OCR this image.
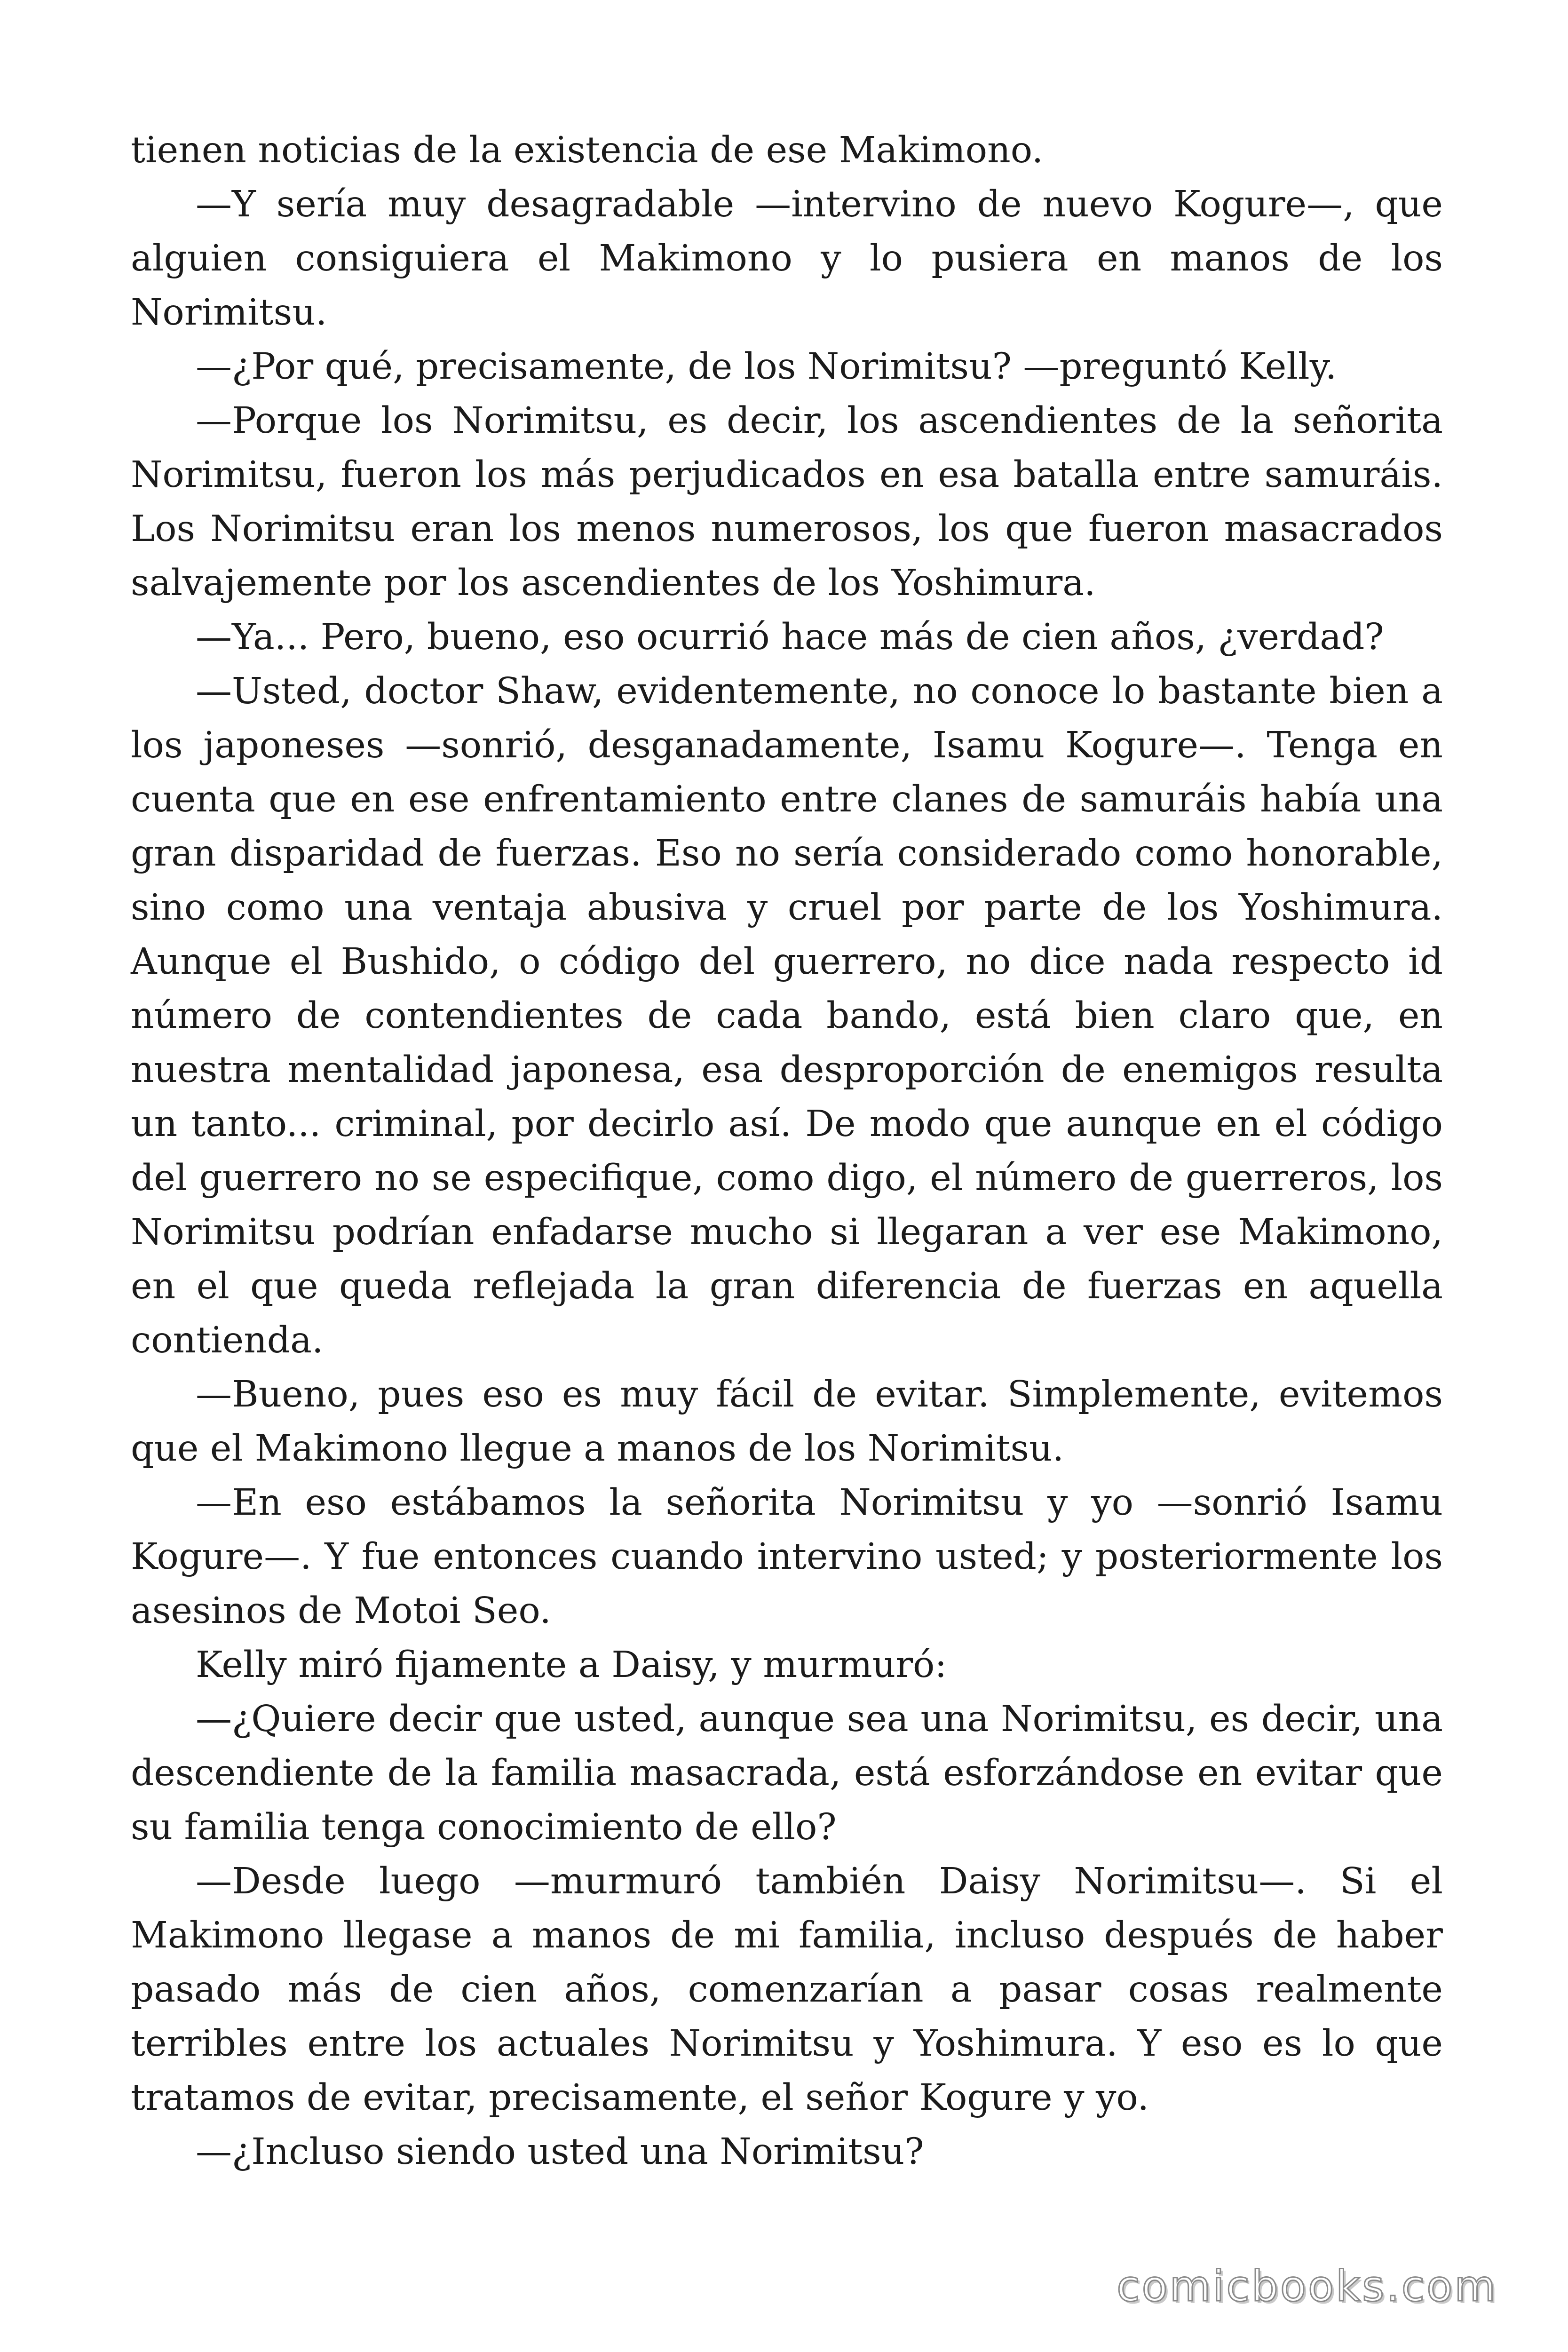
tienen noticias de la existencia de ese Makimono.

—Y sería muy desagradable —intervino de nuevo Kogure—, que alguien consiguiera el Makimono y lo pusiera en manos de los Norimitsu.

—¿Por qué, precisamente, de los Norimitsu? —preguntó Kelly.

—Porque los Norimitsu, es decir, los ascendientes de la señorita Norimitsu, fueron los más perjudicados en esa batalla entre samuráis. Los Norimitsu eran los menos numerosos, los que fueron masacrados salvajemente por los ascendientes de los Yoshimura.

—Ya... Pero, bueno, eso ocurrió hace más de cien años, ¿verdad?

—Usted, doctor Shaw, evidentemente, no conoce lo bastante bien a los japoneses —sonrió, desganadamente, Isamu Kogure—. Tenga en cuenta que en ese enfrentamiento entre clanes de samuráis había una gran disparidad de fuerzas. Eso no sería considerado como honorable, sino como una ventaja abusiva y cruel por parte de los Yoshimura. Aunque el Bushido, o código del guerrero, no dice nada respecto id número de contendientes de cada bando, está bien claro que, en nuestra mentalidad japonesa, esa desproporción de enemigos resulta un tanto... criminal, por decirlo así. De modo que aunque en el código del guerrero no se especifique, como digo, el número de guerreros, los Norimitsu podrían enfadarse mucho si llegaran a ver ese Makimono, en el que queda reflejada la gran diferencia de fuerzas en aquella contienda.

—Bueno, pues eso es muy fácil de evitar. Simplemente, evitemos que el Makimono llegue a manos de los Norimitsu.

—En eso estábamos la señorita Norimitsu y yo —sonrió Isamu Kogure—. Y fue entonces cuando intervino usted; y posteriormente los asesinos de Motoi Seo.

Kelly miró fijamente a Daisy, y murmuró:

—¿Quiere decir que usted, aunque sea una Norimitsu, es decir, una descendiente de la familia masacrada, está esforzándose en evitar que su familia tenga conocimiento de ello?

—Desde luego —murmuró también Daisy Norimitsu—. Si el Makimono llegase a manos de mi familia, incluso después de haber pasado más de cien años, comenzarían a pasar cosas realmente terribles entre los actuales Norimitsu y Yoshimura. Y eso es lo que tratamos de evitar, precisamente, el señor Kogure y yo.

—¿Incluso siendo usted una Norimitsu?

comicbooks.com
